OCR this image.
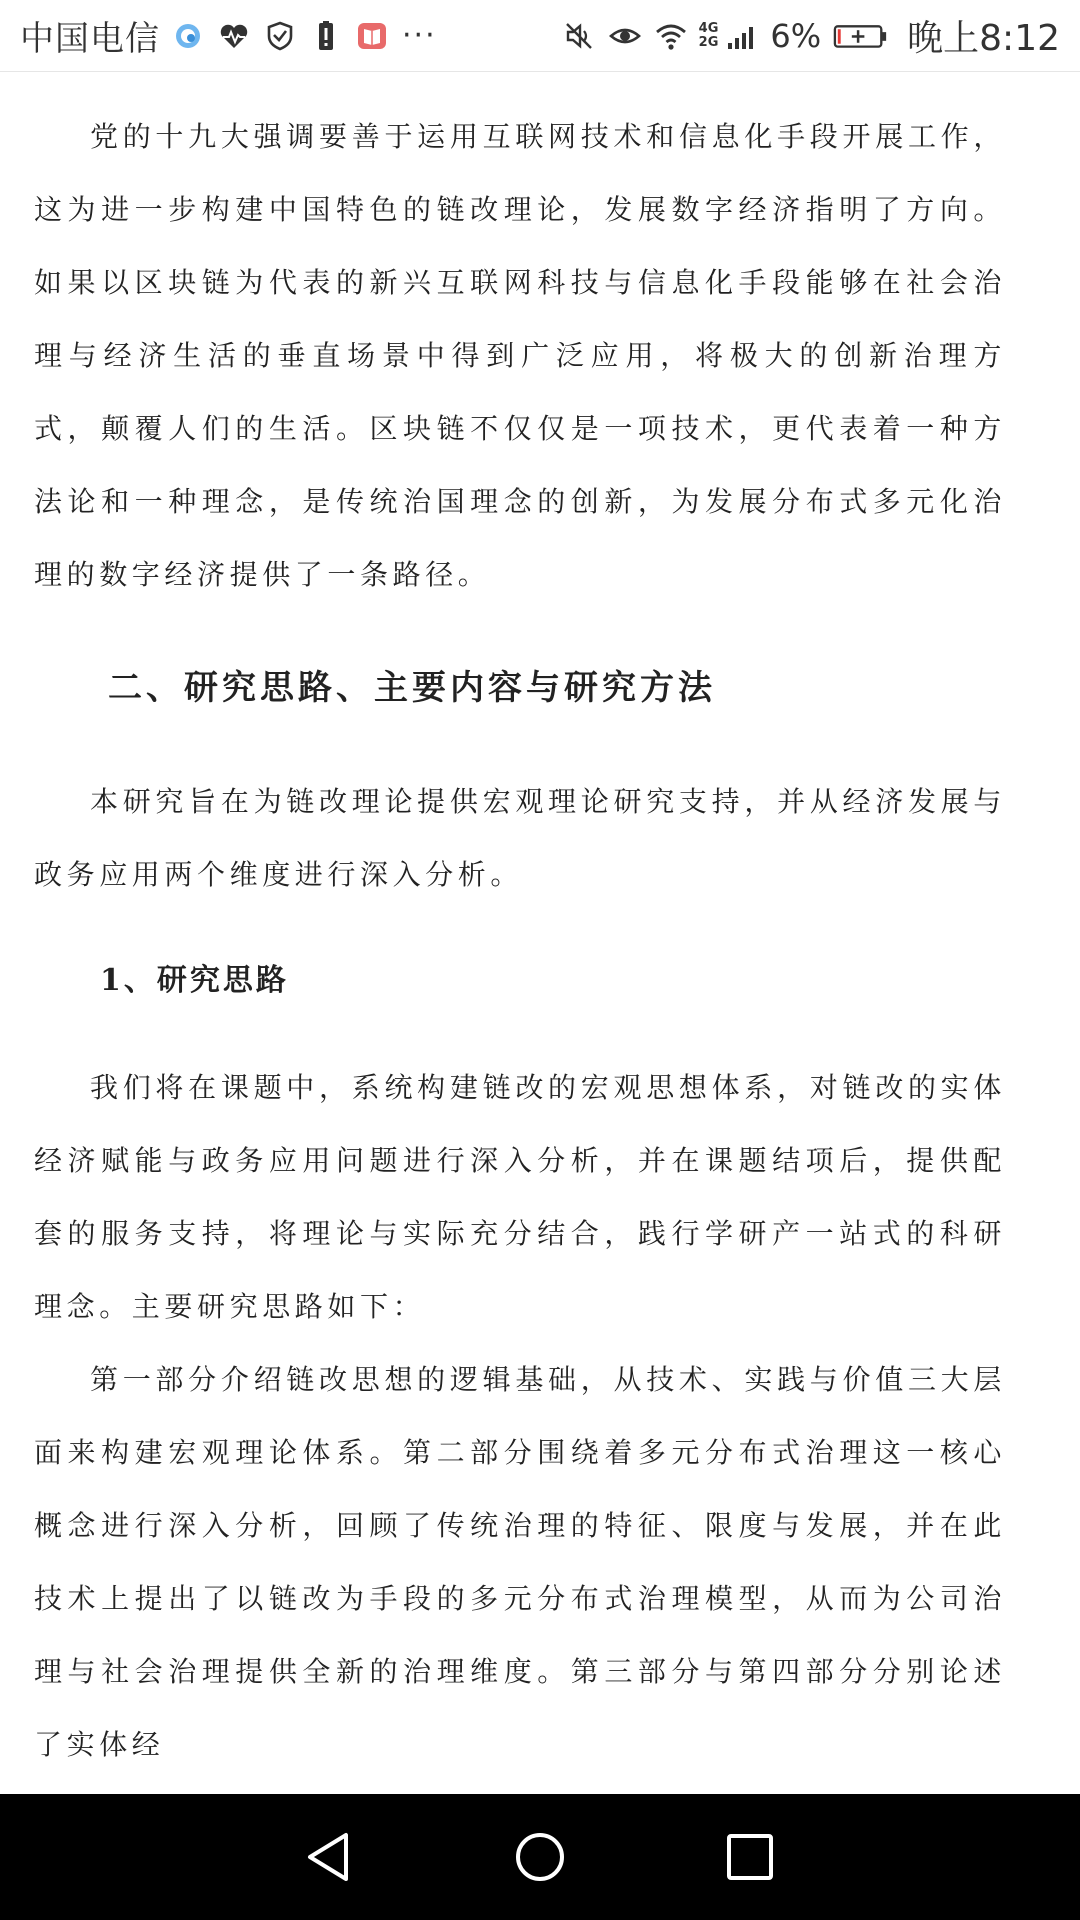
中国电信	···	4G
2G 6% 晚上8:12

党的十九大强调要善于运用互联网技术和信息化手段开展工作，这为进一步构建中国特色的链改理论，发展数字经济指明了方向。如果以区块链为代表的新兴互联网科技与信息化手段能够在社会治理与经济生活的垂直场景中得到广泛应用，将极大的创新治理方式，颠覆人们的生活。区块链不仅仅是一项技术，更代表着一种方法论和一种理念，是传统治国理念的创新，为发展分布式多元化治理的数字经济提供了一条路径。

二、研究思路、主要内容与研究方法

本研究旨在为链改理论提供宏观理论研究支持，并从经济发展与政务应用两个维度进行深入分析。

1、研究思路

我们将在课题中，系统构建链改的宏观思想体系，对链改的实体经济赋能与政务应用问题进行深入分析，并在课题结项后，提供配套的服务支持，将理论与实际充分结合，践行学研产一站式的科研理念。主要研究思路如下：

第一部分介绍链改思想的逻辑基础，从技术、实践与价值三大层面来构建宏观理论体系。第二部分围绕着多元分布式治理这一核心概念进行深入分析，回顾了传统治理的特征、限度与发展，并在此技术上提出了以链改为手段的多元分布式治理模型，从而为公司治理与社会治理提供全新的治理维度。第三部分与第四部分分别论述了实体经
